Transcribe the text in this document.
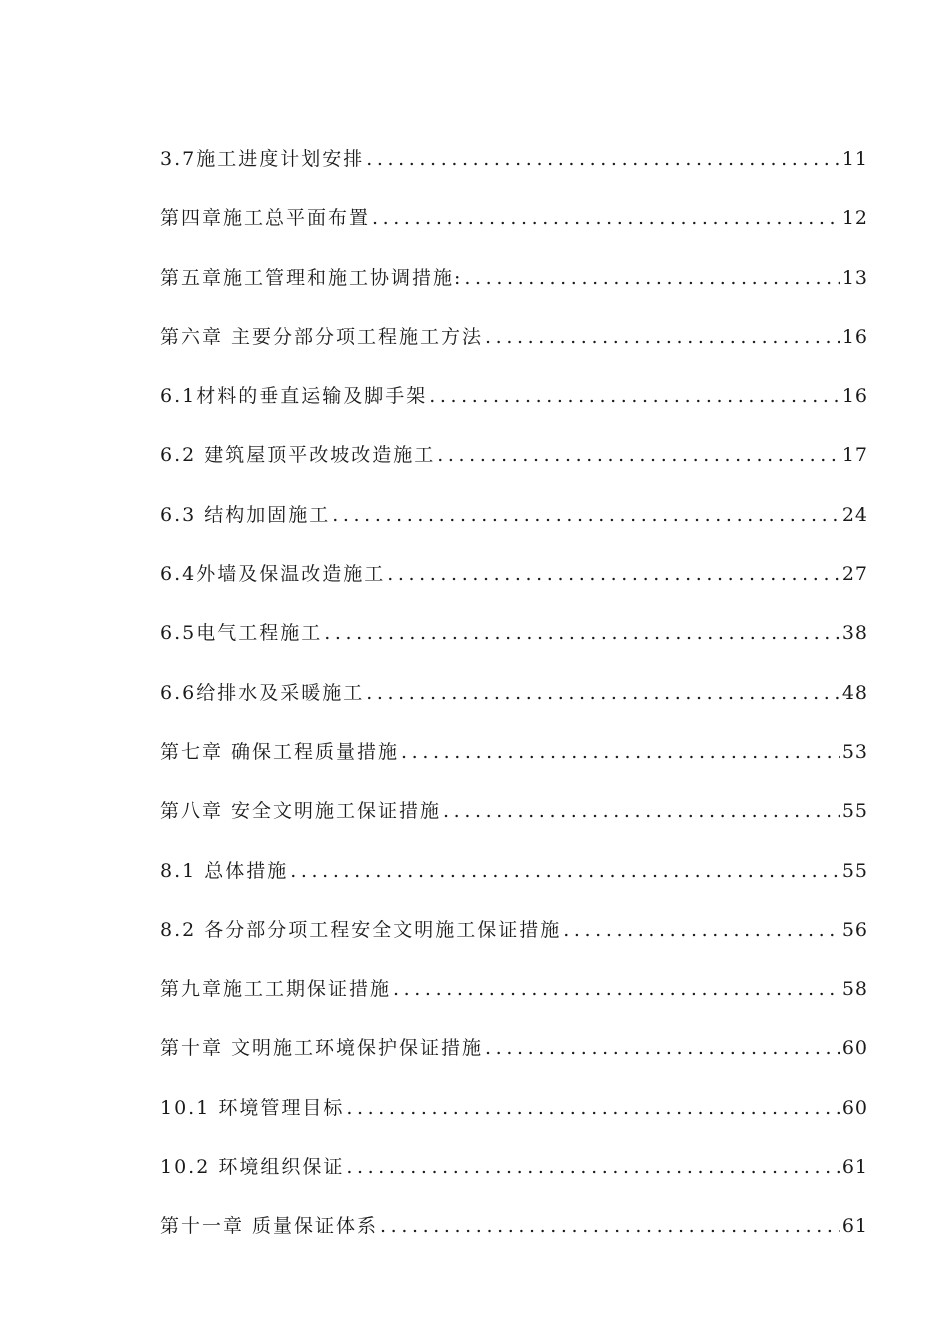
3.7施工进度计划安排 .....	11
第四章施工总平面布置 .....	12
第五章施工管理和施工协调措施: .....	13
第六章 主要分部分项工程施工方法 .....	16
6.1材料的垂直运输及脚手架 .....	16
6.2 建筑屋顶平改坡改造施工 .....	17
6.3 结构加固施工 .....	24
6.4外墙及保温改造施工 .....	27
6.5电气工程施工 .....	38
6.6给排水及采暖施工 .....	48
第七章 确保工程质量措施 .....	53
第八章 安全文明施工保证措施 .....	55
8.1 总体措施 .....	55
8.2 各分部分项工程安全文明施工保证措施 .....	56
第九章施工工期保证措施 .....	58
第十章 文明施工环境保护保证措施 .....	60
10.1 环境管理目标 .....	60
10.2 环境组织保证 .....	61
第十一章 质量保证体系 .....	61
